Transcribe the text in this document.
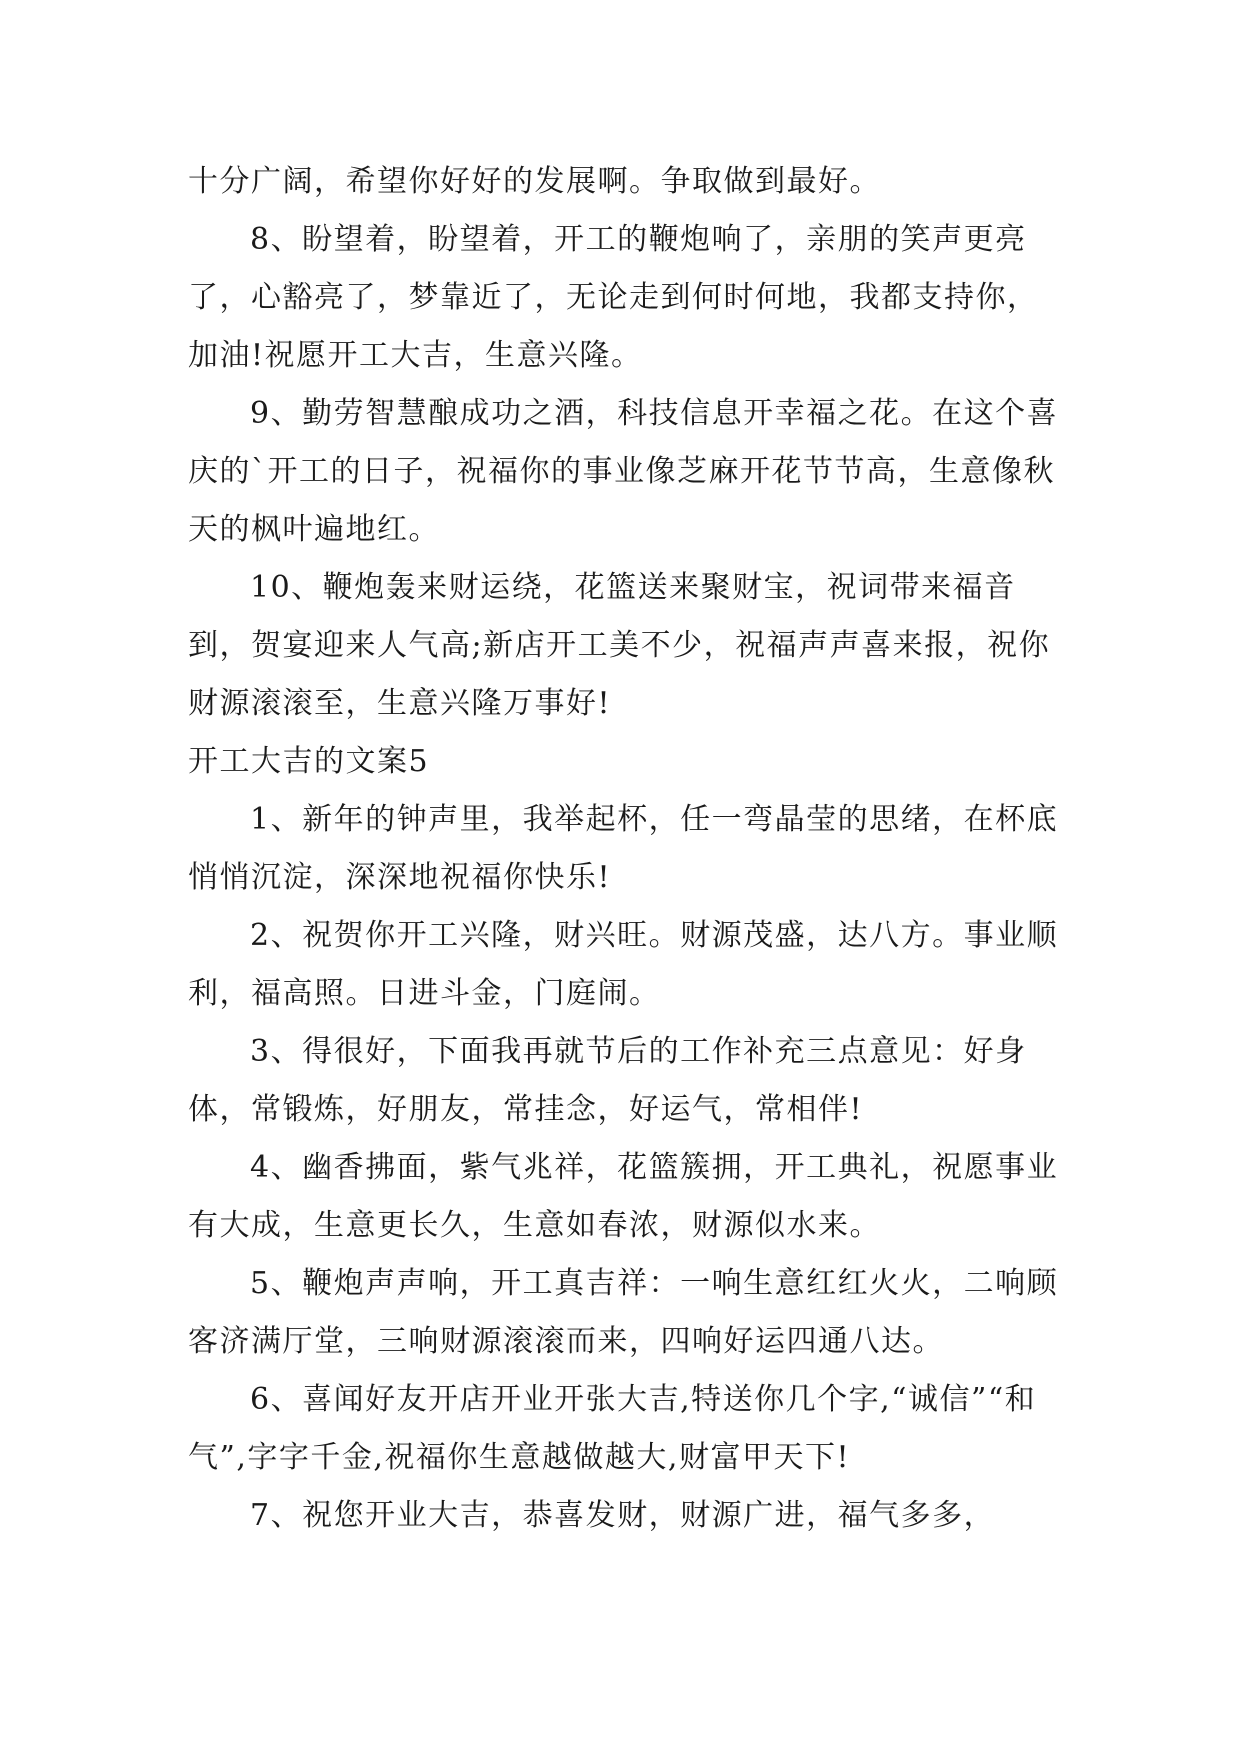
十分广阔，希望你好好的发展啊。争取做到最好。

8、盼望着，盼望着，开工的鞭炮响了，亲朋的笑声更亮了，心豁亮了，梦靠近了，无论走到何时何地，我都支持你，加油!祝愿开工大吉，生意兴隆。

9、勤劳智慧酿成功之酒，科技信息开幸福之花。在这个喜庆的`开工的日子，祝福你的事业像芝麻开花节节高，生意像秋天的枫叶遍地红。

10、鞭炮轰来财运绕，花篮送来聚财宝，祝词带来福音到，贺宴迎来人气高;新店开工美不少，祝福声声喜来报，祝你财源滚滚至，生意兴隆万事好!

开工大吉的文案5

1、新年的钟声里，我举起杯，任一弯晶莹的思绪，在杯底悄悄沉淀，深深地祝福你快乐!

2、祝贺你开工兴隆，财兴旺。财源茂盛，达八方。事业顺利，福高照。日进斗金，门庭闹。

3、得很好，下面我再就节后的工作补充三点意见：好身体，常锻炼，好朋友，常挂念，好运气，常相伴!

4、幽香拂面，紫气兆祥，花篮簇拥，开工典礼，祝愿事业有大成，生意更长久，生意如春浓，财源似水来。

5、鞭炮声声响，开工真吉祥：一响生意红红火火，二响顾客济满厅堂，三响财源滚滚而来，四响好运四通八达。

6、喜闻好友开店开业开张大吉,特送你几个字,“诚信”“和气”,字字千金,祝福你生意越做越大,财富甲天下!

7、祝您开业大吉，恭喜发财，财源广进，福气多多，
